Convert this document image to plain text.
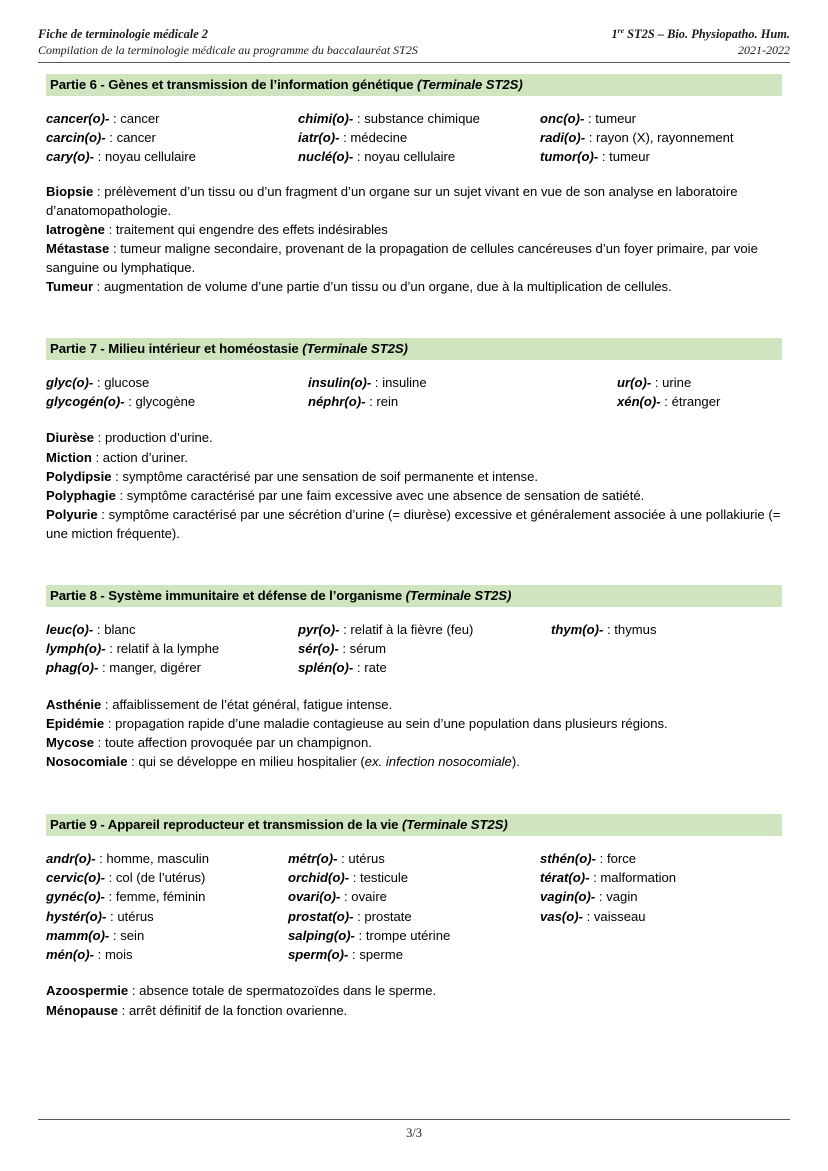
Fiche de terminologie médicale 2	1re ST2S – Bio. Physiopatho. Hum.
Compilation de la terminologie médicale au programme du baccalauréat ST2S	2021-2022
Partie 6 - Gènes et transmission de l’information génétique (Terminale ST2S)
cancer(o)- : cancer	chimi(o)- : substance chimique	onc(o)- : tumeur
carcin(o)- : cancer	iatr(o)- : médecine	radi(o)- : rayon (X), rayonnement
cary(o)- : noyau cellulaire	nuclé(o)- : noyau cellulaire	tumor(o)- : tumeur
Biopsie : prélèvement d’un tissu ou d’un fragment d’un organe sur un sujet vivant en vue de son analyse en laboratoire d’anatomopathologie.
Iatrogène : traitement qui engendre des effets indésirables
Métastase : tumeur maligne secondaire, provenant de la propagation de cellules cancéreuses d’un foyer primaire, par voie sanguine ou lymphatique.
Tumeur : augmentation de volume d’une partie d’un tissu ou d’un organe, due à la multiplication de cellules.
Partie 7 - Milieu intérieur et homéostasie (Terminale ST2S)
glyc(o)- : glucose	insulin(o)- : insuline	ur(o)- : urine
glycogén(o)- : glycogène	néphr(o)- : rein	xén(o)- : étranger
Diurèse : production d’urine.
Miction : action d’uriner.
Polydipsie : symptôme caractérisé par une sensation de soif permanente et intense.
Polyphagie : symptôme caractérisé par une faim excessive avec une absence de sensation de satiété.
Polyurie : symptôme caractérisé par une sécrétion d’urine (= diurèse) excessive et généralement associée à une pollakiurie (= une miction fréquente).
Partie 8 - Système immunitaire et défense de l’organisme (Terminale ST2S)
leuc(o)- : blanc	pyr(o)- : relatif à la fièvre (feu)	thym(o)- : thymus
lymph(o)- : relatif à la lymphe	sér(o)- : sérum

phag(o)- : manger, digérer	splén(o)- : rate

Asthénie : affaiblissement de l’état général, fatigue intense.
Epidémie : propagation rapide d’une maladie contagieuse au sein d’une population dans plusieurs régions.
Mycose : toute affection provoquée par un champignon.
Nosocomiale : qui se développe en milieu hospitalier (ex. infection nosocomiale).
Partie 9 - Appareil reproducteur et transmission de la vie (Terminale ST2S)
andr(o)- : homme, masculin	métr(o)- : utérus	sthén(o)- : force
cervic(o)- : col (de l’utérus)	orchid(o)- : testicule	térat(o)- : malformation
gynéc(o)- : femme, féminin	ovari(o)- : ovaire	vagin(o)- : vagin
hystér(o)- : utérus	prostat(o)- : prostate	vas(o)- : vaisseau
mamm(o)- : sein	salping(o)- : trompe utérine

mén(o)- : mois	sperm(o)- : sperme

Azoospermie : absence totale de spermatozoïdes dans le sperme.
Ménopause : arrêt définitif de la fonction ovarienne.
3/3
